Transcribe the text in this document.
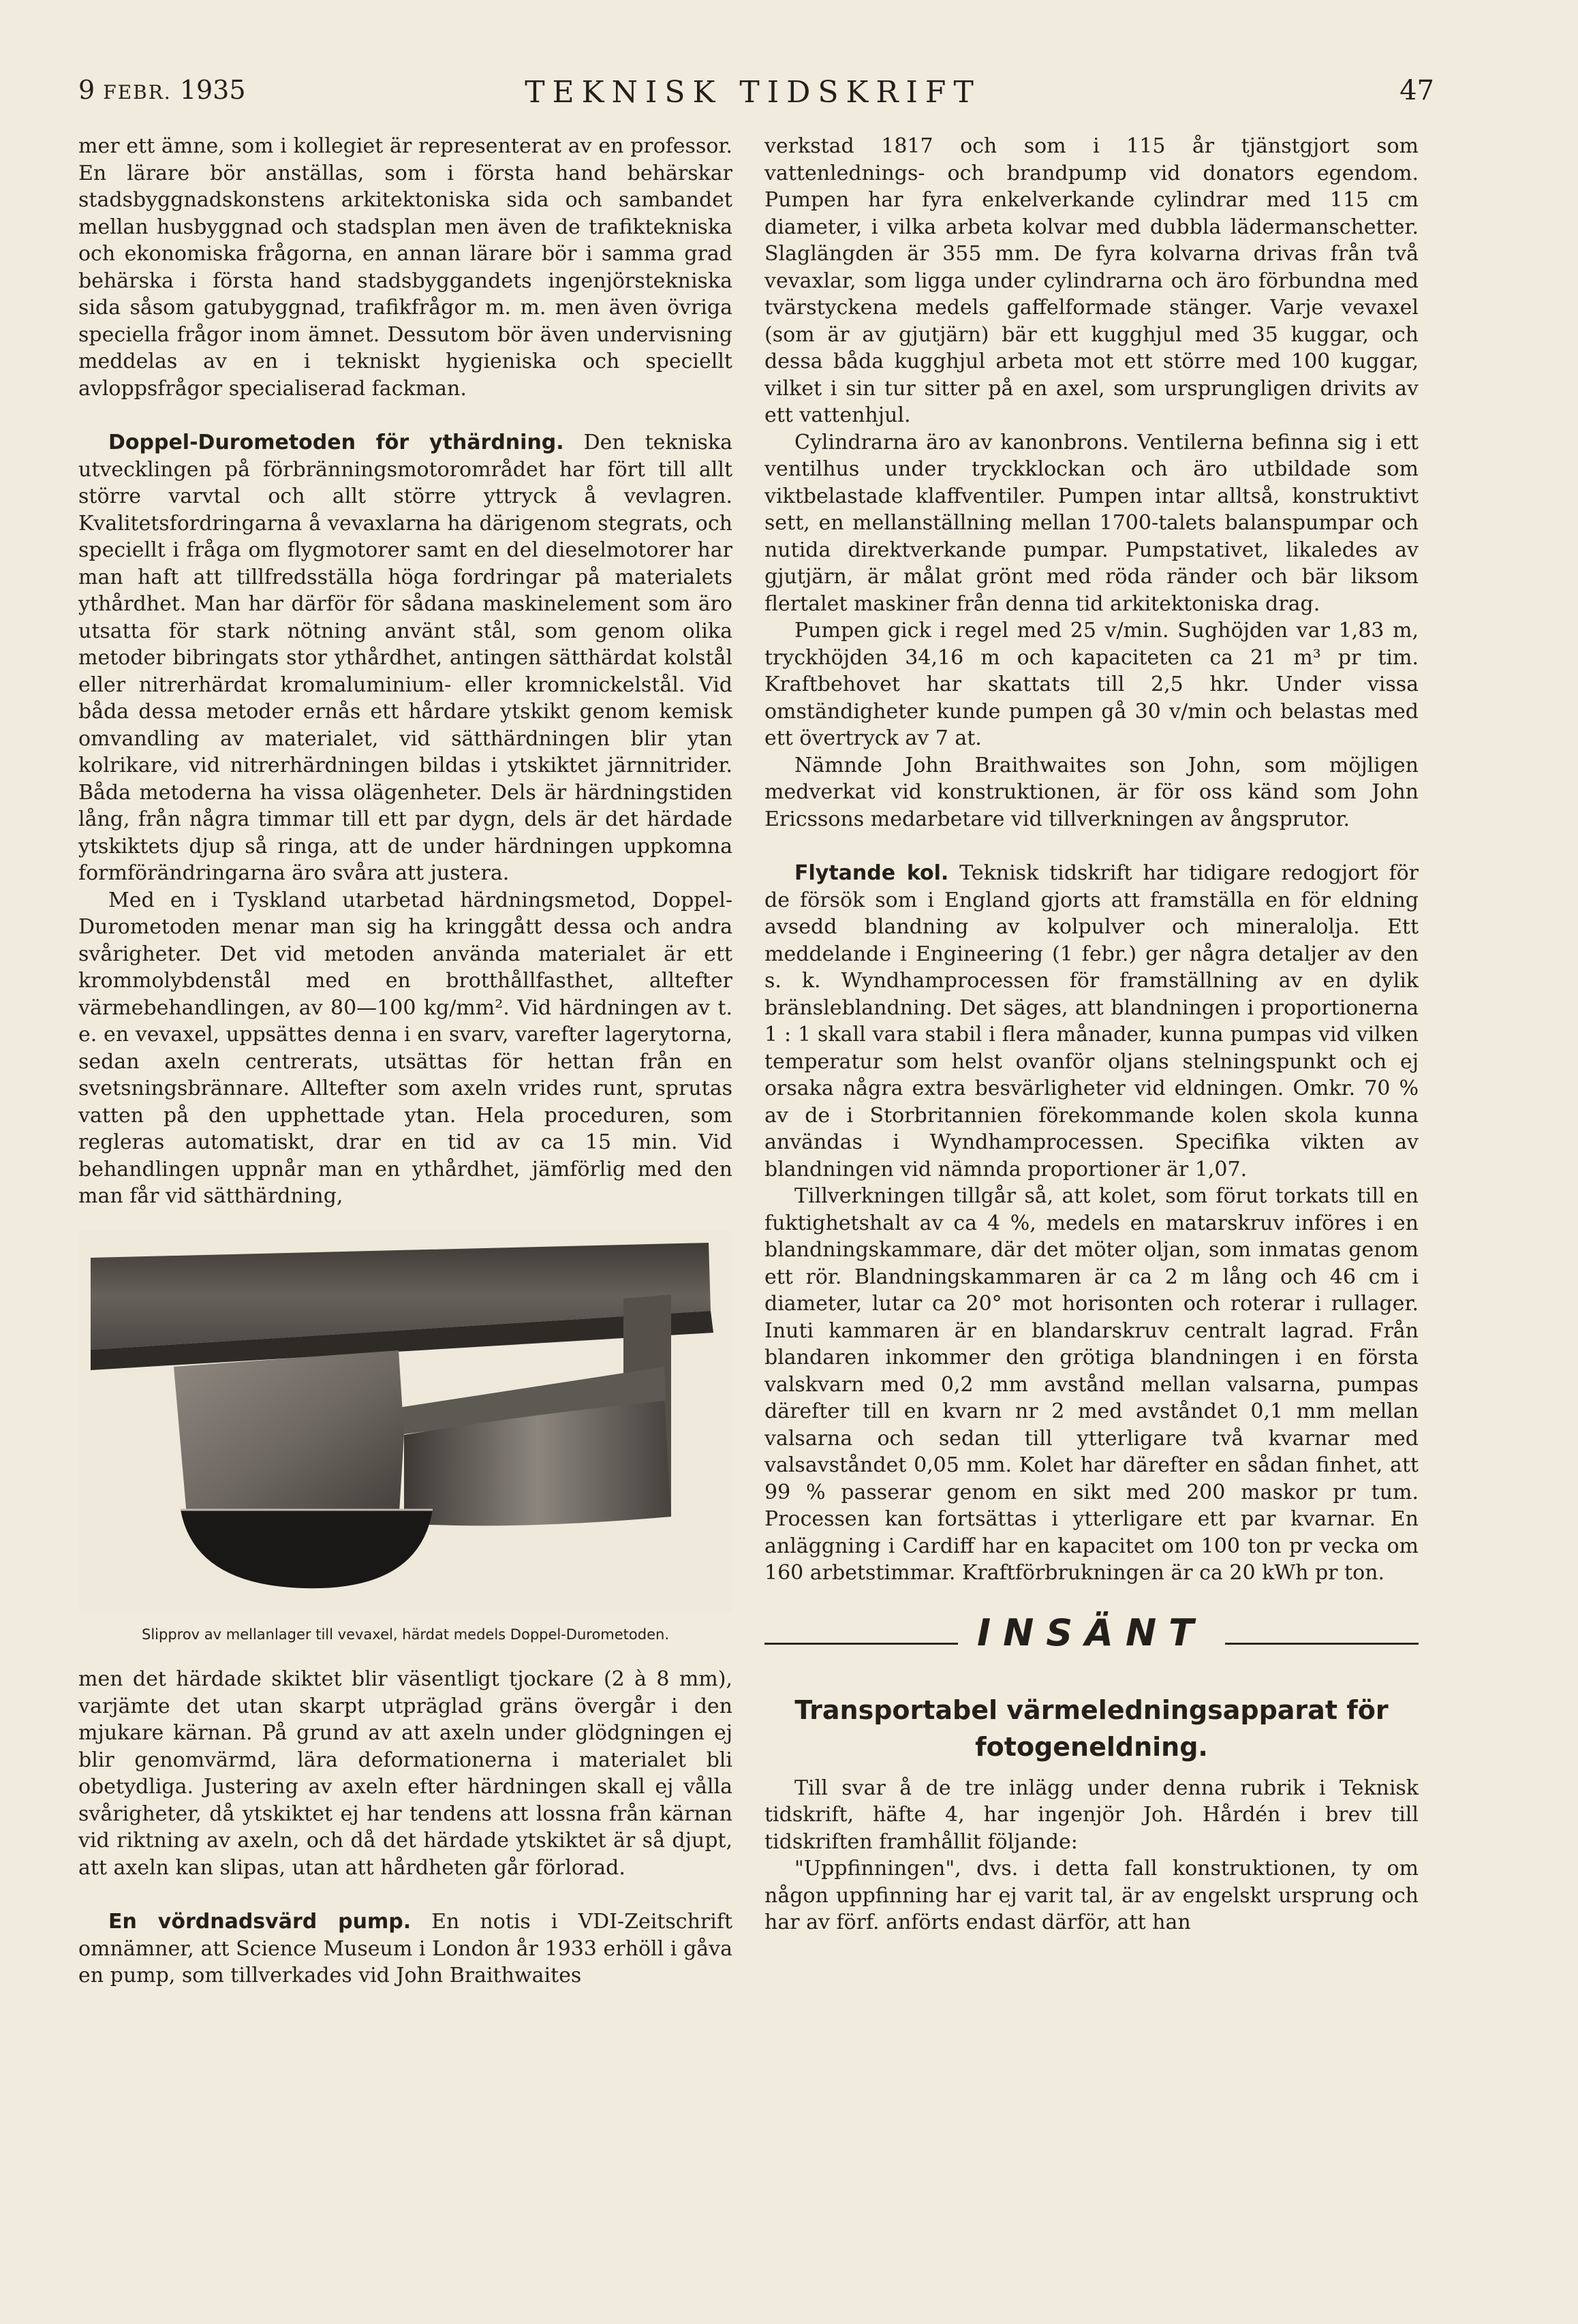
9 FEBR. 1935	TEKNISK TIDSKRIFT	47

mer ett ämne, som i kollegiet är representerat av en professor. En lärare bör anställas, som i första hand behärskar stadsbyggnadskonstens arkitektoniska sida och sambandet mellan husbyggnad och stadsplan men även de trafiktekniska och ekonomiska frågorna, en annan lärare bör i samma grad behärska i första hand stadsbyggandets ingenjörstekniska sida såsom gatubyggnad, trafikfrågor m. m. men även övriga speciella frågor inom ämnet. Dessutom bör även undervisning meddelas av en i tekniskt hygieniska och speciellt avloppsfrågor specialiserad fackman.

Doppel-Durometoden för ythärdning. Den tekniska utvecklingen på förbränningsmotorområdet har fört till allt större varvtal och allt större yttryck å vevlagren. Kvalitetsfordringarna å vevaxlarna ha därigenom stegrats, och speciellt i fråga om flygmotorer samt en del dieselmotorer har man haft att tillfredsställa höga fordringar på materialets ythårdhet. Man har därför för sådana maskinelement som äro utsatta för stark nötning använt stål, som genom olika metoder bibringats stor ythårdhet, antingen sätthärdat kolstål eller nitrerhärdat kromaluminium- eller kromnickelstål. Vid båda dessa metoder ernås ett hårdare ytskikt genom kemisk omvandling av materialet, vid sätthärdningen blir ytan kolrikare, vid nitrerhärdningen bildas i ytskiktet järnnitrider. Båda metoderna ha vissa olägenheter. Dels är härdningstiden lång, från några timmar till ett par dygn, dels är det härdade ytskiktets djup så ringa, att de under härdningen uppkomna formförändringarna äro svåra att justera.

Med en i Tyskland utarbetad härdningsmetod, Doppel-Durometoden menar man sig ha kringgått dessa och andra svårigheter. Det vid metoden använda materialet är ett krommolybdenstål med en brotthållfasthet, alltefter värmebehandlingen, av 80—100 kg/mm². Vid härdningen av t. e. en vevaxel, uppsättes denna i en svarv, varefter lagerytorna, sedan axeln centrerats, utsättas för hettan från en svetsningsbrännare. Alltefter som axeln vrides runt, sprutas vatten på den upphettade ytan. Hela proceduren, som regleras automatiskt, drar en tid av ca 15 min. Vid behandlingen uppnår man en ythårdhet, jämförlig med den man får vid sätthärdning,

Slipprov av mellanlager till vevaxel, härdat medels Doppel-Durometoden.

men det härdade skiktet blir väsentligt tjockare (2 à 8 mm), varjämte det utan skarpt utpräglad gräns övergår i den mjukare kärnan. På grund av att axeln under glödgningen ej blir genomvärmd, lära deformationerna i materialet bli obetydliga. Justering av axeln efter härdningen skall ej vålla svårigheter, då ytskiktet ej har tendens att lossna från kärnan vid riktning av axeln, och då det härdade ytskiktet är så djupt, att axeln kan slipas, utan att hårdheten går förlorad.

En vördnadsvärd pump. En notis i VDI-Zeitschrift omnämner, att Science Museum i London år 1933 erhöll i gåva en pump, som tillverkades vid John Braithwaites

verkstad 1817 och som i 115 år tjänstgjort som vattenlednings- och brandpump vid donators egendom. Pumpen har fyra enkelverkande cylindrar med 115 cm diameter, i vilka arbeta kolvar med dubbla lädermanschetter. Slaglängden är 355 mm. De fyra kolvarna drivas från två vevaxlar, som ligga under cylindrarna och äro förbundna med tvärstyckena medels gaffelformade stänger. Varje vevaxel (som är av gjutjärn) bär ett kugghjul med 35 kuggar, och dessa båda kugghjul arbeta mot ett större med 100 kuggar, vilket i sin tur sitter på en axel, som ursprungligen drivits av ett vattenhjul.

Cylindrarna äro av kanonbrons. Ventilerna befinna sig i ett ventilhus under tryckklockan och äro utbildade som viktbelastade klaffventiler. Pumpen intar alltså, konstruktivt sett, en mellanställning mellan 1700-talets balanspumpar och nutida direktverkande pumpar. Pumpstativet, likaledes av gjutjärn, är målat grönt med röda ränder och bär liksom flertalet maskiner från denna tid arkitektoniska drag.

Pumpen gick i regel med 25 v/min. Sughöjden var 1,83 m, tryckhöjden 34,16 m och kapaciteten ca 21 m³ pr tim. Kraftbehovet har skattats till 2,5 hkr. Under vissa omständigheter kunde pumpen gå 30 v/min och belastas med ett övertryck av 7 at.

Nämnde John Braithwaites son John, som möjligen medverkat vid konstruktionen, är för oss känd som John Ericssons medarbetare vid tillverkningen av ångsprutor.

Flytande kol. Teknisk tidskrift har tidigare redogjort för de försök som i England gjorts att framställa en för eldning avsedd blandning av kolpulver och mineralolja. Ett meddelande i Engineering (1 febr.) ger några detaljer av den s. k. Wyndhamprocessen för framställning av en dylik bränsleblandning. Det säges, att blandningen i proportionerna 1 : 1 skall vara stabil i flera månader, kunna pumpas vid vilken temperatur som helst ovanför oljans stelningspunkt och ej orsaka några extra besvärligheter vid eldningen. Omkr. 70 % av de i Storbritannien förekommande kolen skola kunna användas i Wyndhamprocessen. Specifika vikten av blandningen vid nämnda proportioner är 1,07.

Tillverkningen tillgår så, att kolet, som förut torkats till en fuktighetshalt av ca 4 %, medels en matarskruv införes i en blandningskammare, där det möter oljan, som inmatas genom ett rör. Blandningskammaren är ca 2 m lång och 46 cm i diameter, lutar ca 20° mot horisonten och roterar i rullager. Inuti kammaren är en blandarskruv centralt lagrad. Från blandaren inkommer den grötiga blandningen i en första valskvarn med 0,2 mm avstånd mellan valsarna, pumpas därefter till en kvarn nr 2 med avståndet 0,1 mm mellan valsarna och sedan till ytterligare två kvarnar med valsavståndet 0,05 mm. Kolet har därefter en sådan finhet, att 99 % passerar genom en sikt med 200 maskor pr tum. Processen kan fortsättas i ytterligare ett par kvarnar. En anläggning i Cardiff har en kapacitet om 100 ton pr vecka om 160 arbetstimmar. Kraftförbrukningen är ca 20 kWh pr ton.

INSÄNT
Transportabel värmeledningsapparat för
fotogeneldning.

Till svar å de tre inlägg under denna rubrik i Teknisk tidskrift, häfte 4, har ingenjör Joh. Hårdén i brev till tidskriften framhållit följande:

"Uppfinningen", dvs. i detta fall konstruktionen, ty om någon uppfinning har ej varit tal, är av engelskt ursprung och har av förf. anförts endast därför, att han
